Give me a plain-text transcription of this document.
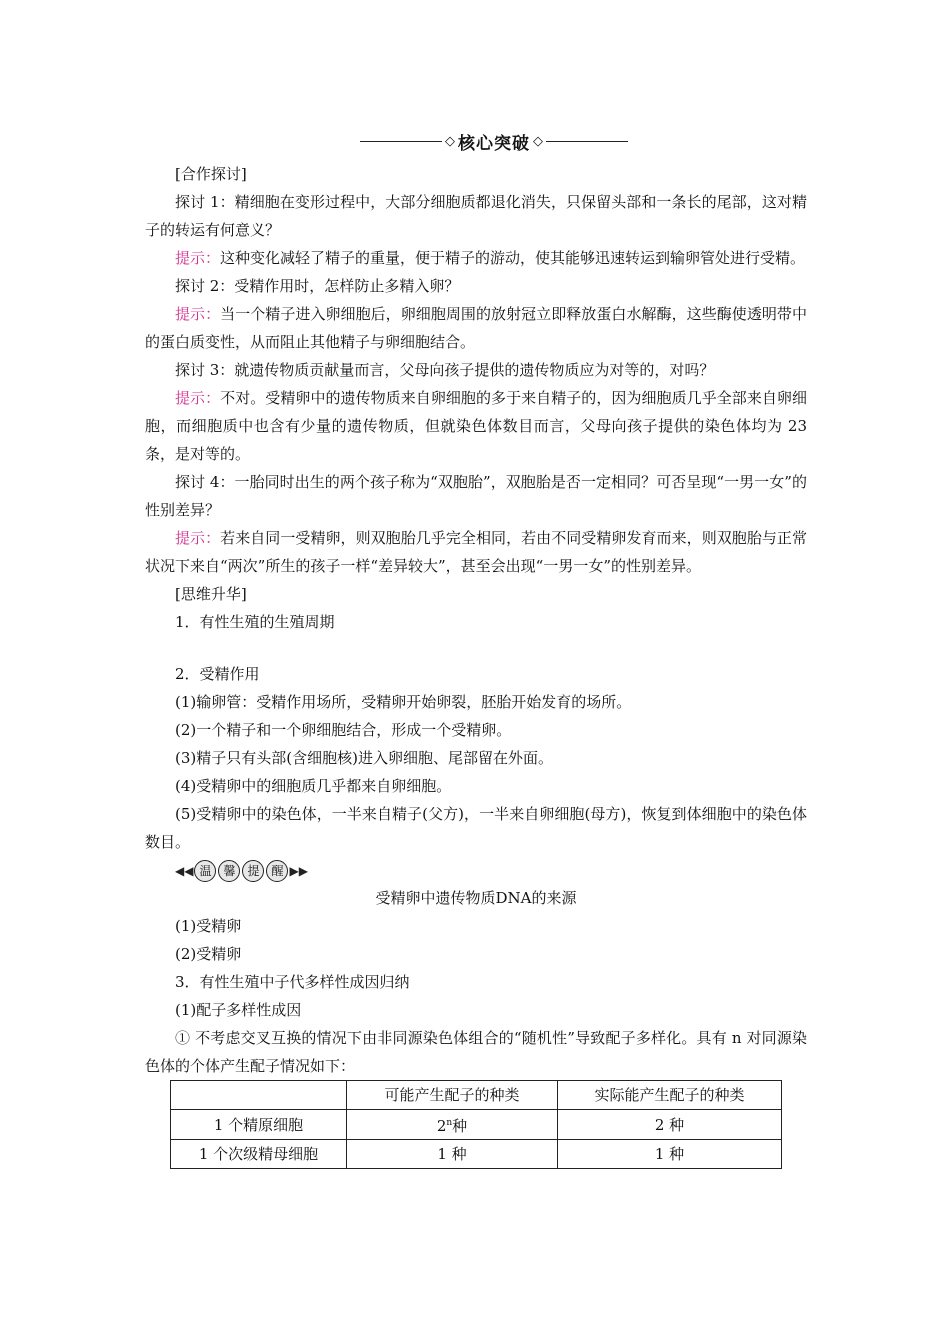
◇ 核心突破 ◇

[合作探讨]

探讨 1：精细胞在变形过程中，大部分细胞质都退化消失，只保留头部和一条长的尾部，这对精子的转运有何意义？

提示：这种变化减轻了精子的重量，便于精子的游动，使其能够迅速转运到输卵管处进行受精。

探讨 2：受精作用时，怎样防止多精入卵？

提示：当一个精子进入卵细胞后，卵细胞周围的放射冠立即释放蛋白水解酶，这些酶使透明带中的蛋白质变性，从而阻止其他精子与卵细胞结合。

探讨 3：就遗传物质贡献量而言，父母向孩子提供的遗传物质应为对等的，对吗？

提示：不对。受精卵中的遗传物质来自卵细胞的多于来自精子的，因为细胞质几乎全部来自卵细胞，而细胞质中也含有少量的遗传物质，但就染色体数目而言，父母向孩子提供的染色体均为 23 条，是对等的。

探讨 4：一胎同时出生的两个孩子称为“双胞胎”，双胞胎是否一定相同？可否呈现“一男一女”的性别差异？

提示：若来自同一受精卵，则双胞胎几乎完全相同，若由不同受精卵发育而来，则双胞胎与正常状况下来自“两次”所生的孩子一样“差异较大”，甚至会出现“一男一女”的性别差异。

[思维升华]

1．有性生殖的生殖周期

2．受精作用

(1)输卵管：受精作用场所，受精卵开始卵裂，胚胎开始发育的场所。

(2)一个精子和一个卵细胞结合，形成一个受精卵。

(3)精子只有头部(含细胞核)进入卵细胞、尾部留在外面。

(4)受精卵中的细胞质几乎都来自卵细胞。

(5)受精卵中的染色体，一半来自精子(父方)，一半来自卵细胞(母方)，恢复到体细胞中的染色体数目。

◀◀ 温 馨 提 醒 ▶▶

受精卵中遗传物质DNA的来源

(1)受精卵

(2)受精卵

3．有性生殖中子代多样性成因归纳

(1)配子多样性成因

① 不考虑交叉互换的情况下由非同源染色体组合的“随机性”导致配子多样化。具有 n 对同源染色体的个体产生配子情况如下：

	可能产生配子的种类	实际能产生配子的种类
1 个精原细胞	2$^n$种	2 种
1 个次级精母细胞	1 种	1 种
